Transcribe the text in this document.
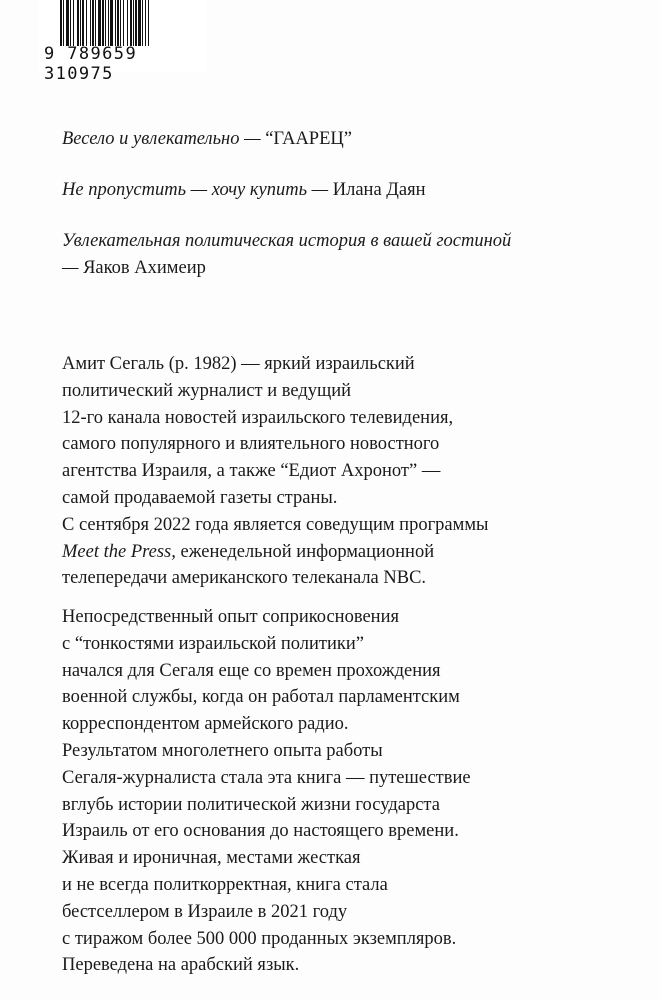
9 789659 310975

Весело и увлекательно — “ГААРЕЦ”

Не пропустить — хочу купить — Илана Даян

Увлекательная политическая история в вашей гостиной — Яаков Ахимеир

Амит Сегаль (р. 1982) — яркий израильский
политический журналист и ведущий
12-го канала новостей израильского телевидения,
самого популярного и влиятельного новостного
агентства Израиля, а также “Едиот Ахронот” —
самой продаваемой газеты страны.
С сентября 2022 года является соведущим программы
Meet the Press, еженедельной информационной
телепередачи американского телеканала NBC.

Непосредственный опыт соприкосновения
с “тонкостями израильской политики”
начался для Сегаля еще со времен прохождения
военной службы, когда он работал парламентским
корреспондентом армейского радио.
Результатом многолетнего опыта работы
Сегаля-журналиста стала эта книга — путешествие
вглубь истории политической жизни государста
Израиль от его основания до настоящего времени.
Живая и ироничная, местами жесткая
и не всегда политкорректная, книга стала
бестселлером в Израиле в 2021 году
с тиражом более 500 000 проданных экземпляров.
Переведена на арабский язык.
